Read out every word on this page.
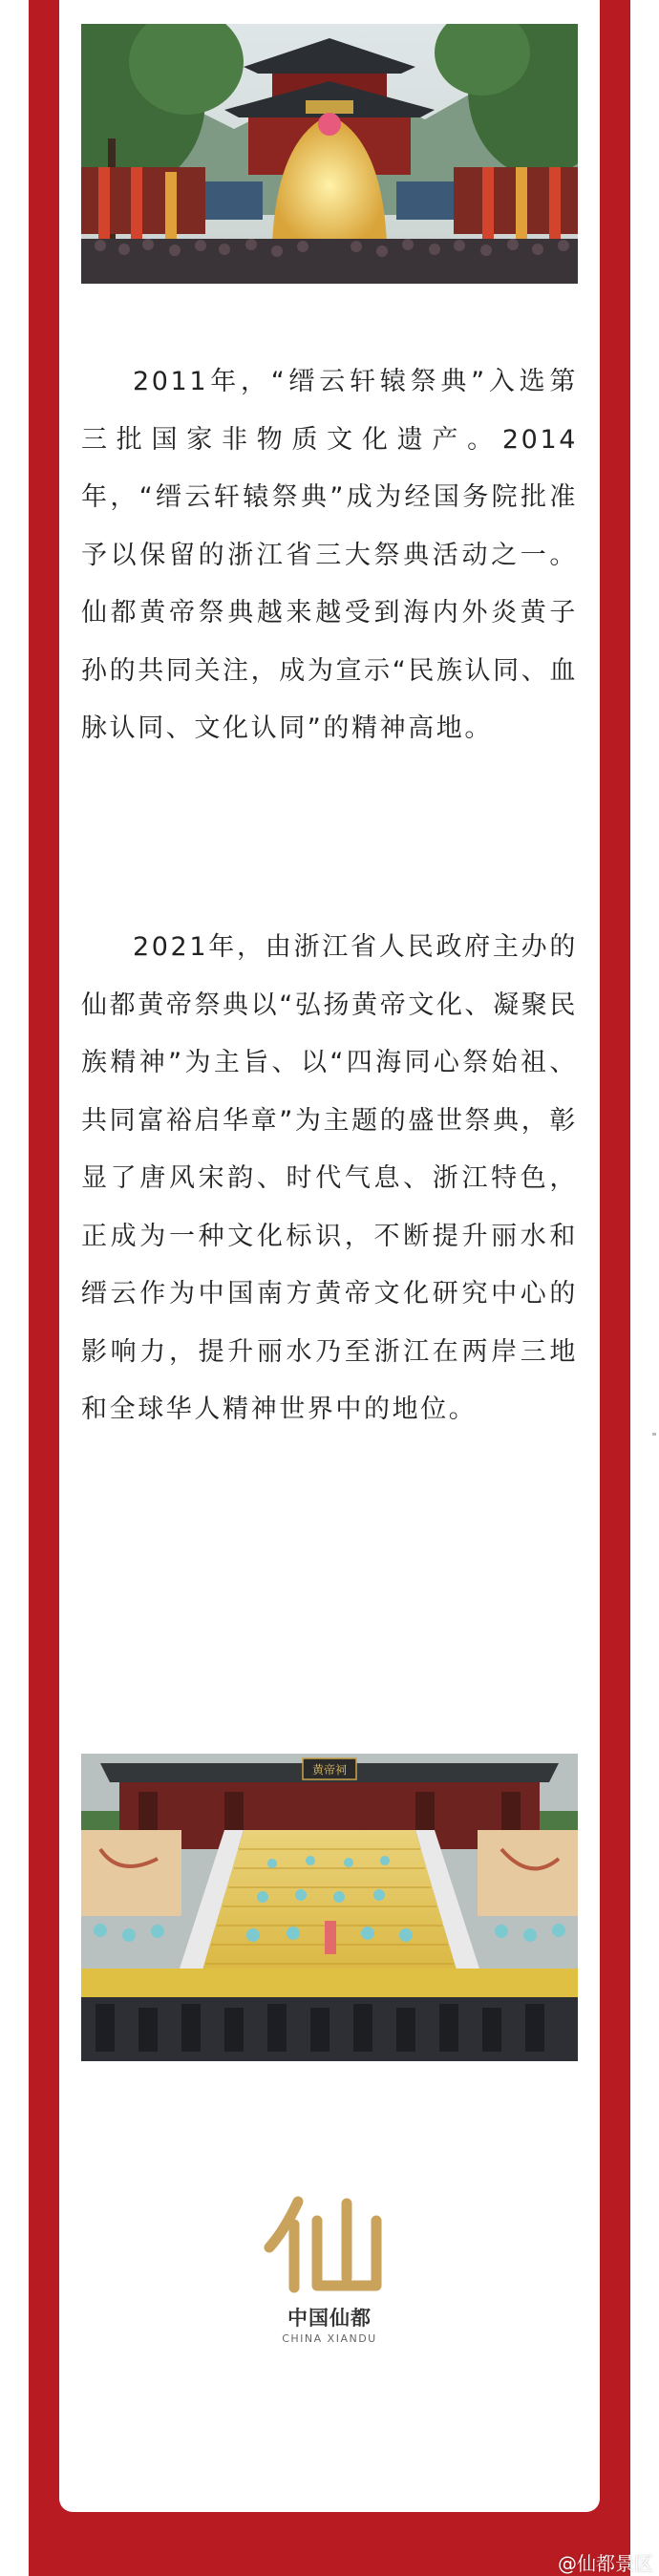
2011年，“缙云轩辕祭典”入选第三批国家非物质文化遗产。2014年，“缙云轩辕祭典”成为经国务院批准予以保留的浙江省三大祭典活动之一。仙都黄帝祭典越来越受到海内外炎黄子孙的共同关注，成为宣示“民族认同、血脉认同、文化认同”的精神高地。

2021年，由浙江省人民政府主办的仙都黄帝祭典以“弘扬黄帝文化、凝聚民族精神”为主旨、以“四海同心祭始祖、共同富裕启华章”为主题的盛世祭典，彰显了唐风宋韵、时代气息、浙江特色，正成为一种文化标识，不断提升丽水和缙云作为中国南方黄帝文化研究中心的影响力，提升丽水乃至浙江在两岸三地和全球华人精神世界中的地位。

黄帝祠
中国仙都
CHINA XIANDU
@仙都景区
